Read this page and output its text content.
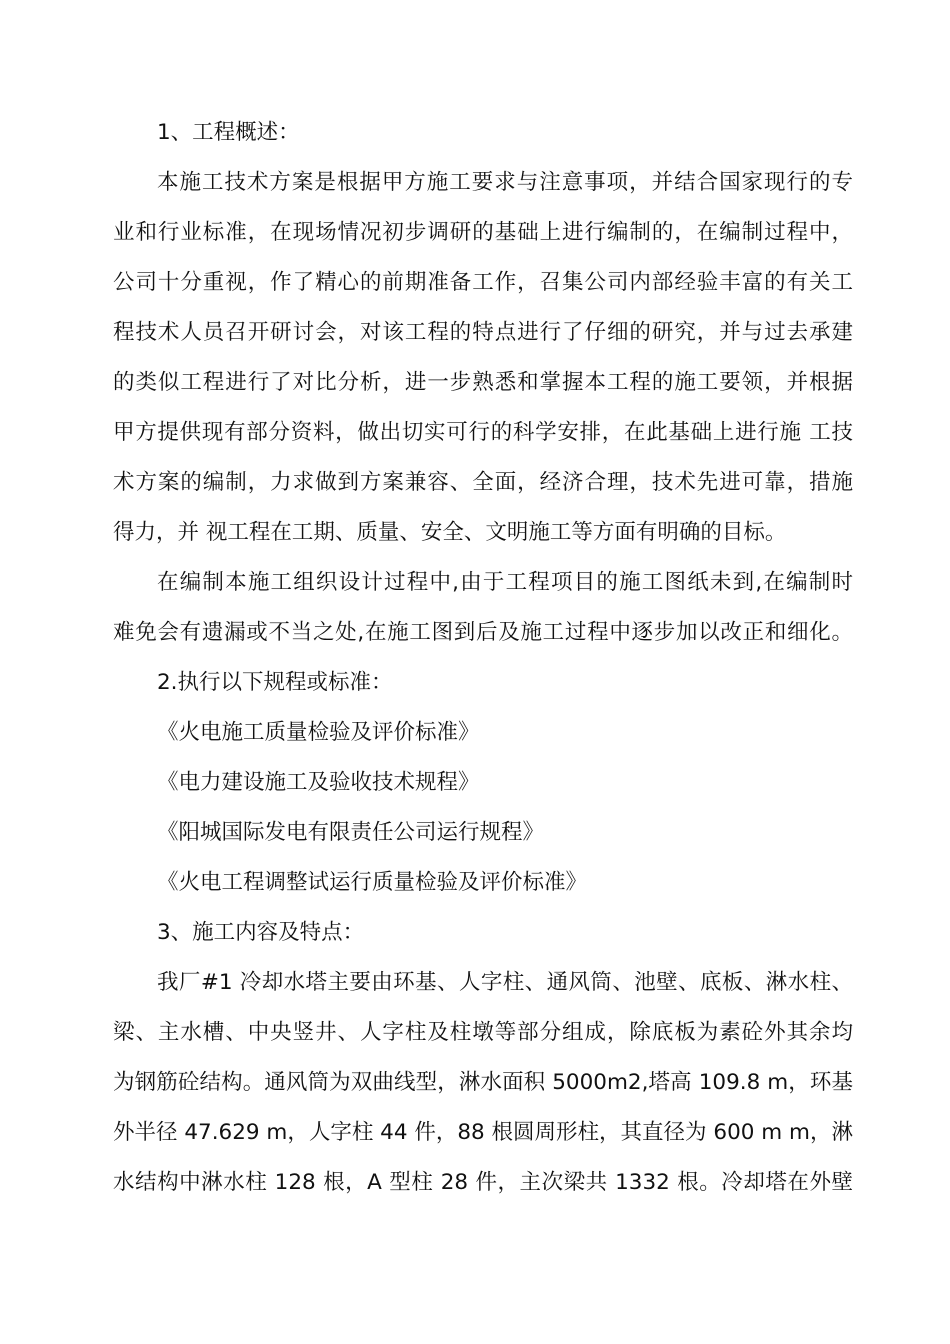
1、工程概述：
本施工技术方案是根据甲方施工要求与注意事项，并结合国家现行的专
业和行业标准，在现场情况初步调研的基础上进行编制的，在编制过程中，
公司十分重视，作了精心的前期准备工作，召集公司内部经验丰富的有关工
程技术人员召开研讨会，对该工程的特点进行了仔细的研究，并与过去承建
的类似工程进行了对比分析，进一步熟悉和掌握本工程的施工要领，并根据
甲方提供现有部分资料，做出切实可行的科学安排，在此基础上进行施 工技
术方案的编制，力求做到方案兼容、全面，经济合理，技术先进可靠，措施
得力，并 视工程在工期、质量、安全、文明施工等方面有明确的目标。
在编制本施工组织设计过程中,由于工程项目的施工图纸未到,在编制时
难免会有遗漏或不当之处,在施工图到后及施工过程中逐步加以改正和细化。
2.执行以下规程或标准：
《火电施工质量检验及评价标准》
《电力建设施工及验收技术规程》
《阳城国际发电有限责任公司运行规程》
《火电工程调整试运行质量检验及评价标准》
3、施工内容及特点：
我厂#1 冷却水塔主要由环基、人字柱、通风筒、池壁、底板、淋水柱、
梁、主水槽、中央竖井、人字柱及柱墩等部分组成，除底板为素砼外其余均
为钢筋砼结构。通风筒为双曲线型，淋水面积 5000m2,塔高 109.8 m，环基
外半径 47.629 m，人字柱 44 件，88 根圆周形柱，其直径为 600 m m，淋
水结构中淋水柱 128 根，A 型柱 28 件，主次梁共 1332 根。冷却塔在外壁
